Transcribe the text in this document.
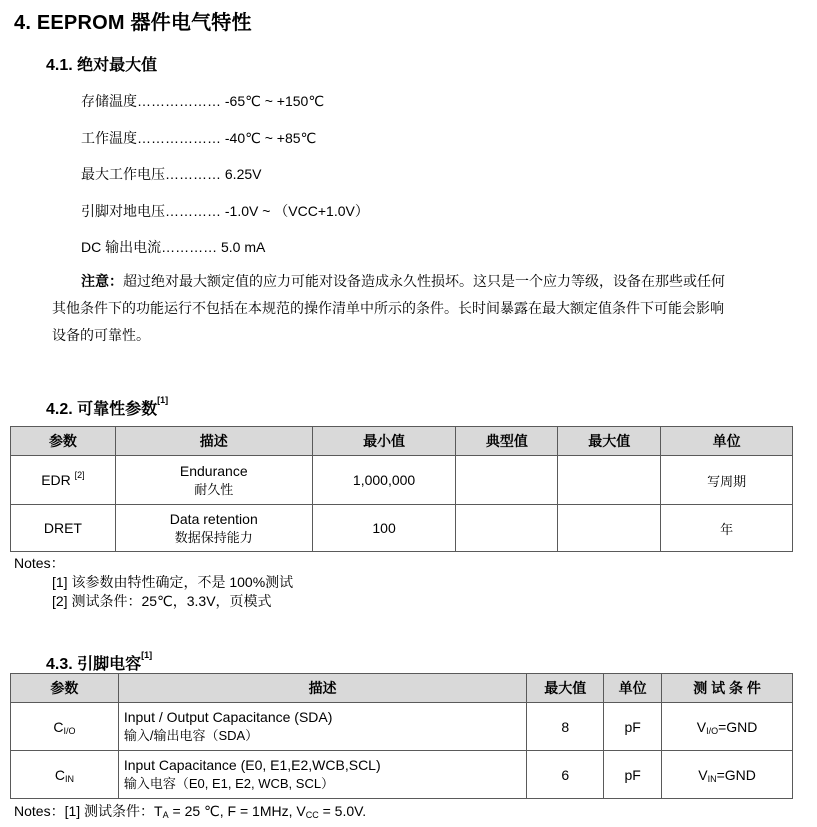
4. EEPROM 器件电气特性
4.1. 绝对最大值
存储温度……………… -65℃ ~ +150℃
工作温度……………… -40℃ ~ +85℃
最大工作电压………… 6.25V
引脚对地电压………… -1.0V ~ （VCC+1.0V）
DC 输出电流………… 5.0 mA
注意：超过绝对最大额定值的应力可能对设备造成永久性损坏。这只是一个应力等级，设备在那些或任何
其他条件下的功能运行不包括在本规范的操作清单中所示的条件。长时间暴露在最大额定值条件下可能会影响
设备的可靠性。
4.2. 可靠性参数[1]
参数	描述	最小值	典型值	最大值	单位
EDR [2]	Endurance
耐久性	1,000,000			写周期
DRET	Data retention
数据保持能力	100			年
Notes：
[1] 该参数由特性确定，不是 100%测试
[2] 测试条件：25℃，3.3V，页模式
4.3. 引脚电容[1]
参数	描述	最大值	单位	测 试 条 件
$C_{I/O}$	Input / Output Capacitance (SDA)
输入/输出电容（SDA）	8	pF	$V_{I/O}=GND$
$C_{IN}$	Input Capacitance (E0, E1,E2,WCB,SCL)
输入电容（E0, E1, E2, WCB, SCL）	6	pF	$V_{IN}=GND$
Notes：[1] 测试条件：$T_A = 25$ ℃, F = 1MHz, $V_{CC} = 5.0V$.
